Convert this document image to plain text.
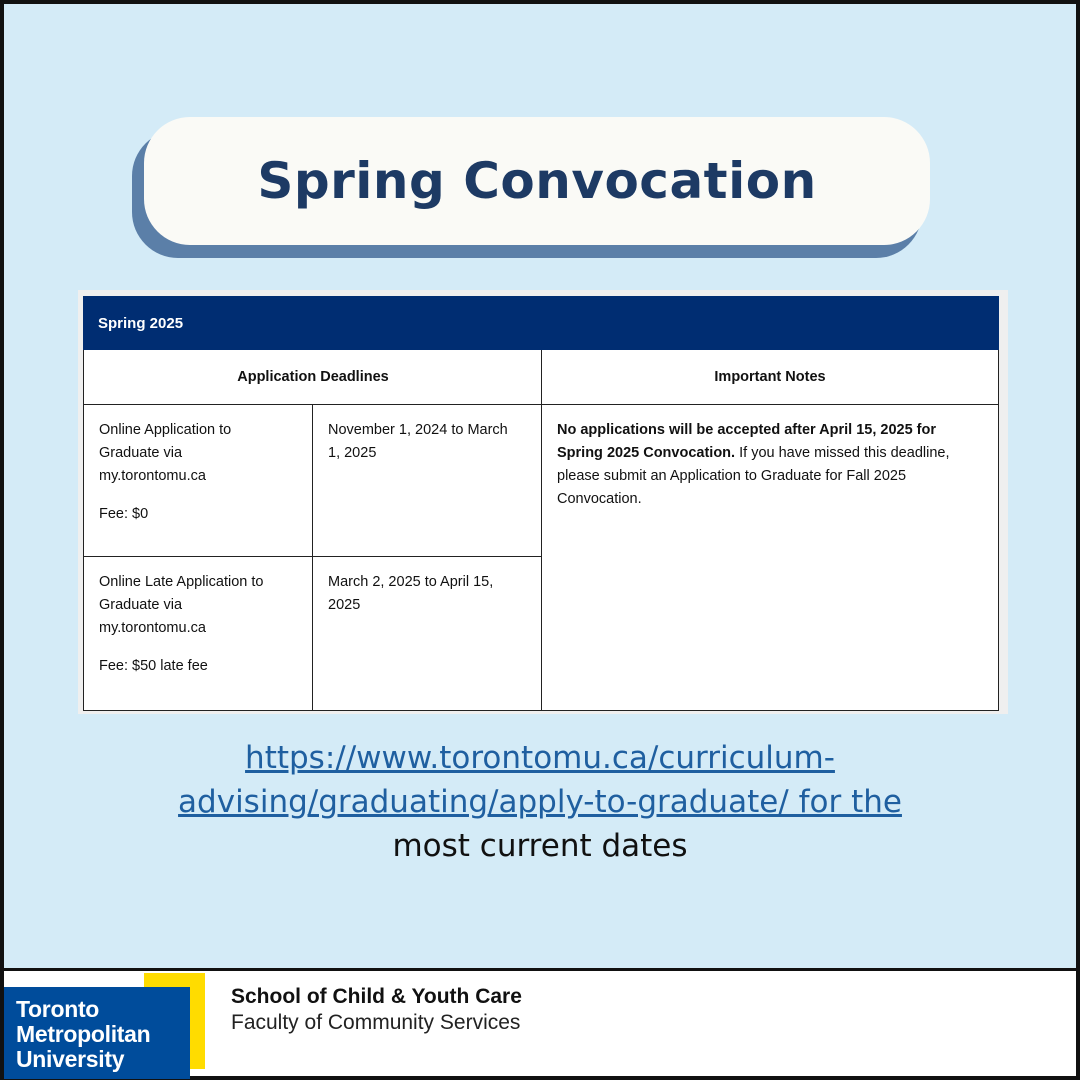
Spring Convocation
Spring 2025
Application Deadlines	Important Notes

Online Application to

Graduate via

my.torontomu.ca

Fee: $0

November 1, 2024 to March

1, 2025

Online Late Application to

Graduate via

my.torontomu.ca

Fee: $50 late fee

March 2, 2025 to April 15,

2025

No applications will be accepted after April 15, 2025 for

Spring 2025 Convocation. If you have missed this deadline,

please submit an Application to Graduate for Fall 2025

Convocation.

https://www.torontomu.ca/curriculum-
advising/graduating/apply-to-graduate/ for the
most current dates
Toronto
Metropolitan
University
School of Child & Youth Care
Faculty of Community Services
